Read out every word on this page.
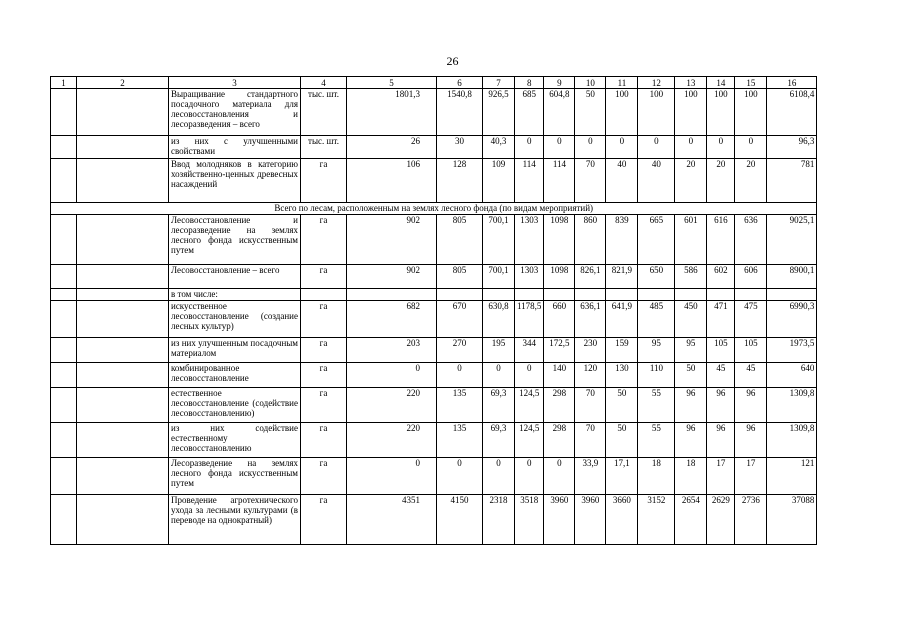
26
1	2	3	4	5	6	7	8	9	10	11	12	13	14	15	16
		Выращивание стандартного посадочного материала для лесовосстановления и лесоразведения – всего	тыс. шт.	1801,3	1540,8	926,5	685	604,8	50	100	100	100	100	100	6108,4
		из них с улучшенными свойствами	тыс. шт.	26	30	40,3	0	0	0	0	0	0	0	0	96,3
		Ввод молодняков в категорию хозяйственно-ценных древесных насаждений	га	106	128	109	114	114	70	40	40	20	20	20	781
Всего по лесам, расположенным на землях лесного фонда (по видам мероприятий)															
		Лесовосстановление и лесоразведение на землях лесного фонда искусственным путем	га	902	805	700,1	1303	1098	860	839	665	601	616	636	9025,1
		Лесовосстановление – всего	га	902	805	700,1	1303	1098	826,1	821,9	650	586	602	606	8900,1
		в том числе:													
		искусственное лесовосстановление (создание лесных культур)	га	682	670	630,8	1178,5	660	636,1	641,9	485	450	471	475	6990,3
		из них улучшенным посадочным материалом	га	203	270	195	344	172,5	230	159	95	95	105	105	1973,5
		комбинированное лесовосстановление	га	0	0	0	0	140	120	130	110	50	45	45	640
		естественное лесовосстановление (содействие лесовосстановлению)	га	220	135	69,3	124,5	298	70	50	55	96	96	96	1309,8
		из них содействие естественному лесовосстановлению	га	220	135	69,3	124,5	298	70	50	55	96	96	96	1309,8
		Лесоразведение на землях лесного фонда искусственным путем	га	0	0	0	0	0	33,9	17,1	18	18	17	17	121
		Проведение агротехнического ухода за лесными культурами (в переводе на однократный)	га	4351	4150	2318	3518	3960	3960	3660	3152	2654	2629	2736	37088
